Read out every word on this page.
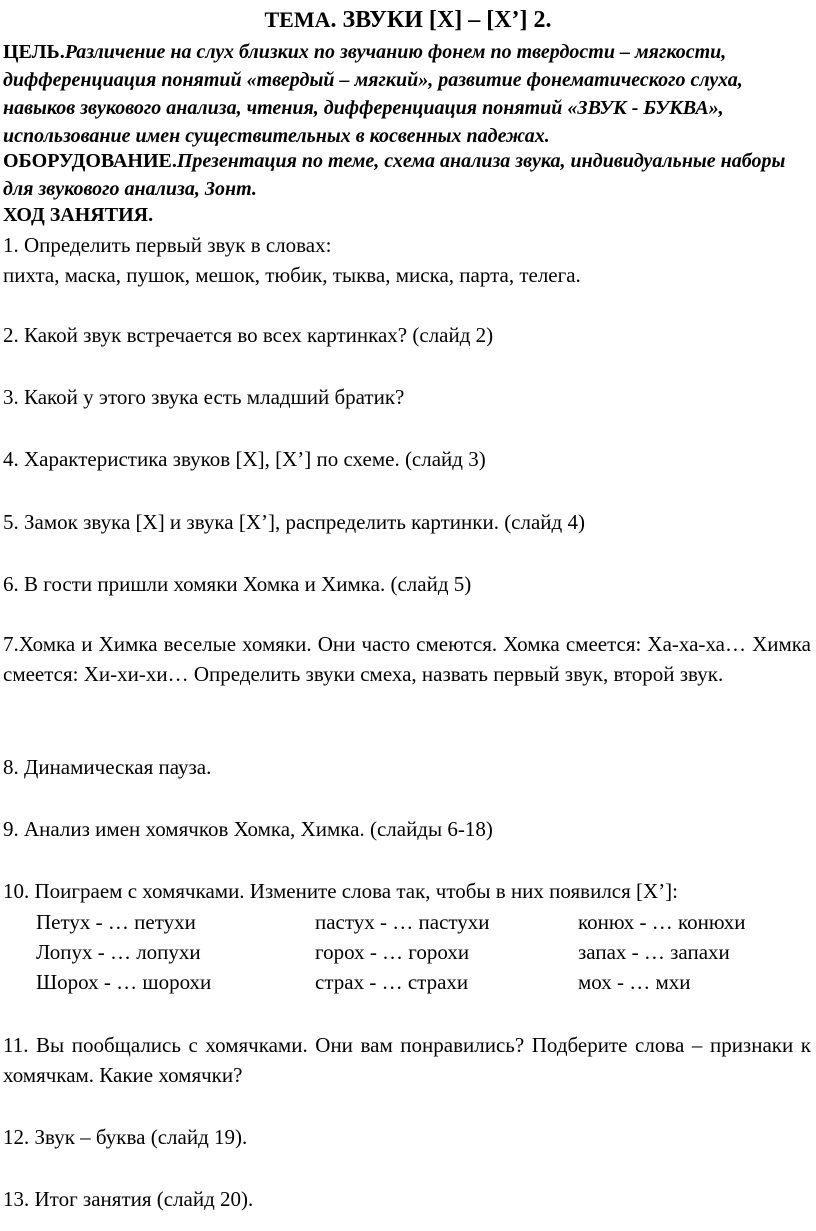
ТЕМА. ЗВУКИ [Х] – [Х’] 2.
ЦЕЛЬ.Различение на слух близких по звучанию фонем по твердости – мягкости, дифференциация понятий «твердый – мягкий», развитие фонематического слуха, навыков звукового анализа, чтения, дифференциация понятий «ЗВУК - БУКВА», использование имен существительных в косвенных падежах.
ОБОРУДОВАНИЕ.Презентация по теме, схема анализа звука, индивидуальные наборы для звукового анализа, Зонт.
ХОД ЗАНЯТИЯ.
1. Определить первый звук в словах:
пихта, маска, пушок, мешок, тюбик, тыква, миска, парта, телега.
2. Какой звук встречается во всех картинках? (слайд 2)
3. Какой у этого звука есть младший братик?
4. Характеристика звуков [Х], [Х’] по схеме. (слайд 3)
5. Замок звука [Х] и звука [Х’], распределить картинки. (слайд 4)
6. В гости пришли хомяки Хомка и Химка. (слайд 5)
7.Хомка и Химка веселые хомяки. Они часто смеются. Хомка смеется: Ха-ха-ха… Химка смеется: Хи-хи-хи… Определить звуки смеха, назвать первый звук, второй звук.
8. Динамическая пауза.
9. Анализ имен хомячков Хомка, Химка. (слайды 6-18)
10. Поиграем с хомячками. Измените слова так, чтобы в них появился [Х’]:
Петух - … петухи	пастух - … пастухи	конюх - … конюхи
Лопух - … лопухи	горох - … горохи	запах - … запахи
Шорох - … шорохи	страх - … страхи	мох - … мхи
11. Вы пообщались с хомячками. Они вам понравились? Подберите слова – признаки к хомячкам. Какие хомячки?
12. Звук – буква (слайд 19).
13. Итог занятия (слайд 20).
